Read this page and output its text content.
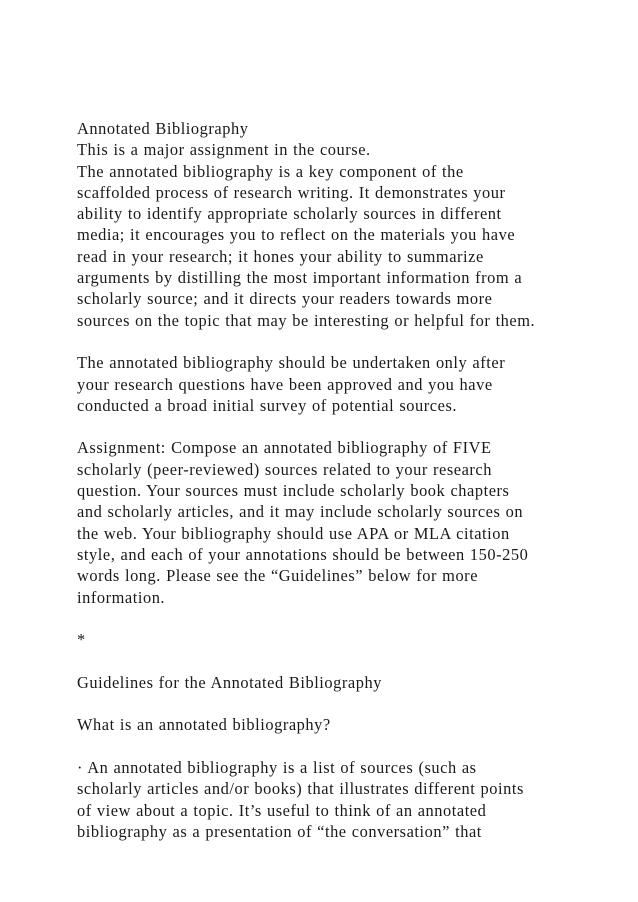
Annotated Bibliography
This is a major assignment in the course.
The annotated bibliography is a key component of the
scaffolded process of research writing. It demonstrates your
ability to identify appropriate scholarly sources in different
media; it encourages you to reflect on the materials you have
read in your research; it hones your ability to summarize
arguments by distilling the most important information from a
scholarly source; and it directs your readers towards more
sources on the topic that may be interesting or helpful for them.
The annotated bibliography should be undertaken only after
your research questions have been approved and you have
conducted a broad initial survey of potential sources.
Assignment: Compose an annotated bibliography of FIVE
scholarly (peer-reviewed) sources related to your research
question. Your sources must include scholarly book chapters
and scholarly articles, and it may include scholarly sources on
the web. Your bibliography should use APA or MLA citation
style, and each of your annotations should be between 150-250
words long. Please see the “Guidelines” below for more
information.
*
Guidelines for the Annotated Bibliography
What is an annotated bibliography?
· An annotated bibliography is a list of sources (such as
scholarly articles and/or books) that illustrates different points
of view about a topic. It’s useful to think of an annotated
bibliography as a presentation of “the conversation” that
